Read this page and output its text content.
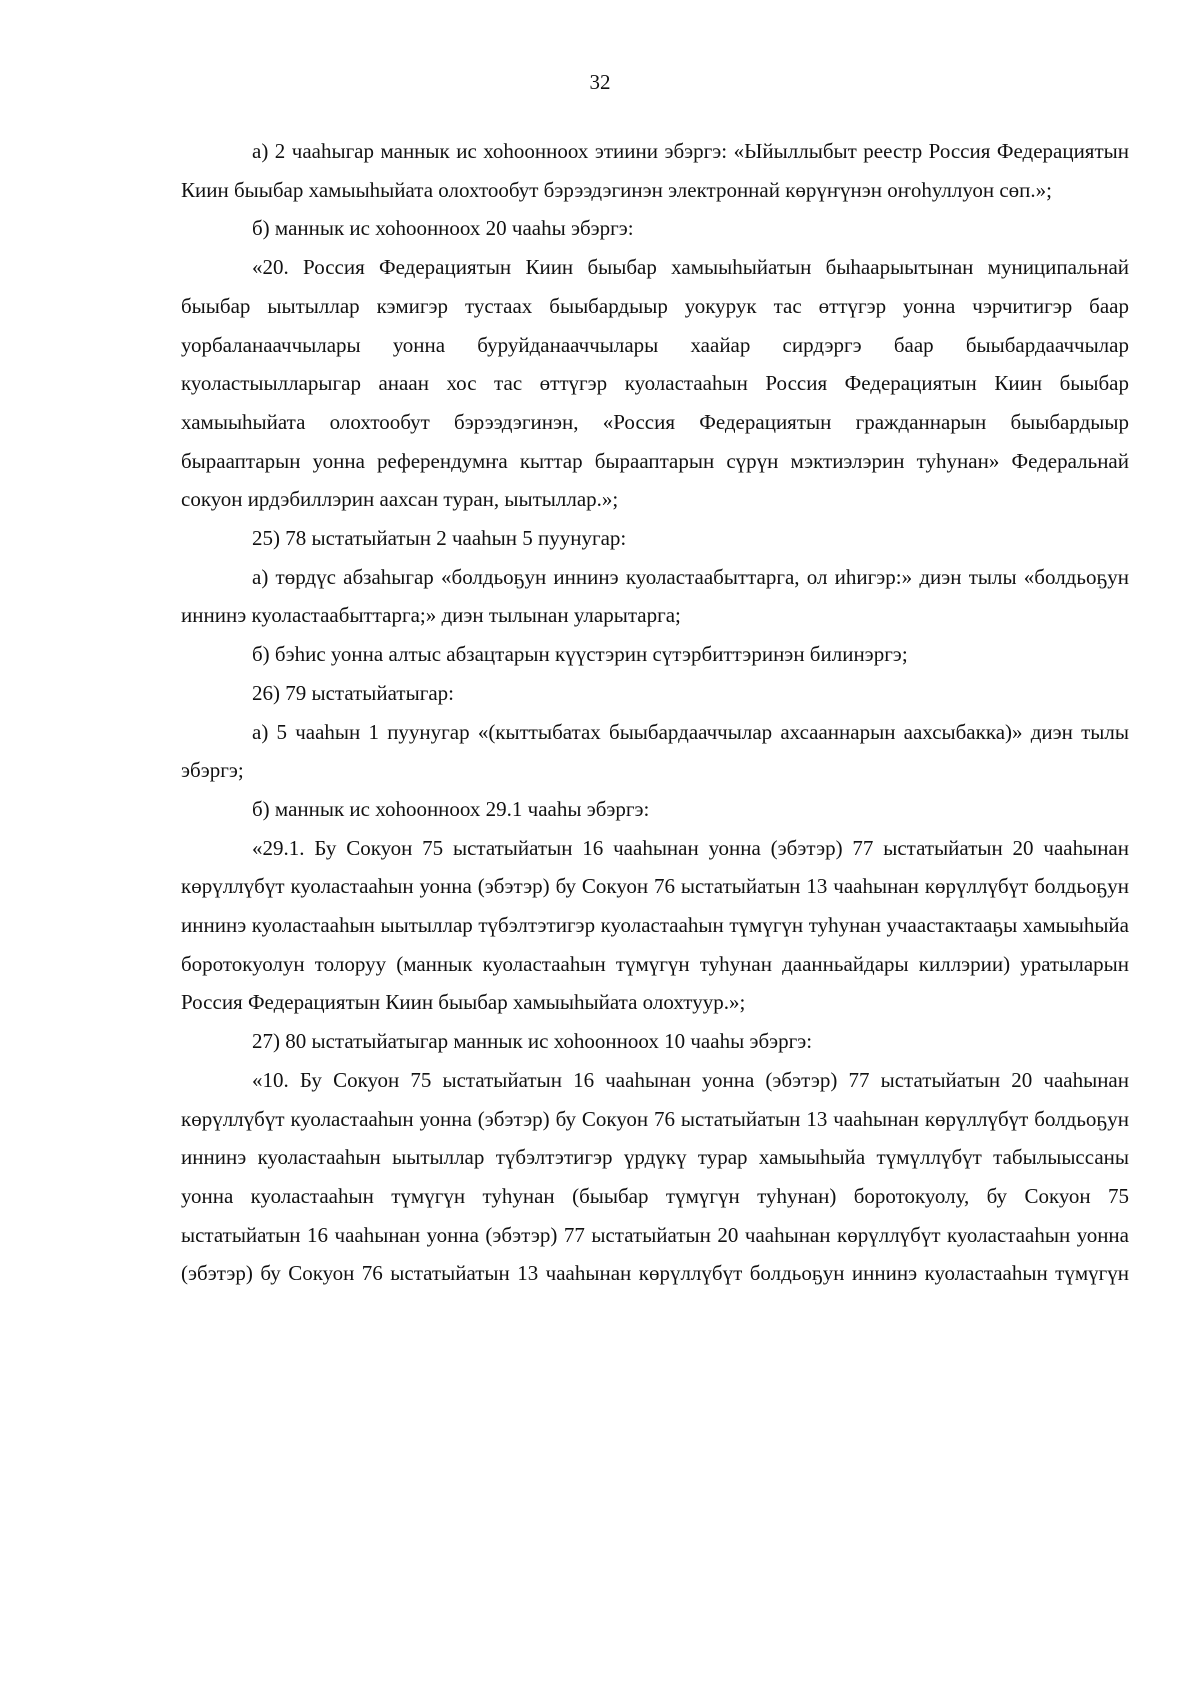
32

а) 2 чааһыгар маннык ис хоһоонноох этиини эбэргэ: «Ыйыллыбыт реестр Россия Федерациятын Киин быыбар хамыыһыйата олохтообут бэрээдэгинэн электроннай көрүҥүнэн оҥоһуллуон сөп.»;

б) маннык ис хоһоонноох 20 чааһы эбэргэ:

«20. Россия Федерациятын Киин быыбар хамыыһыйатын быһаарыытынан муниципальнай быыбар ыытыллар кэмигэр тустаах быыбардыыр уокурук тас өттүгэр уонна чэрчитигэр баар уорбаланааччылары уонна буруйданааччылары хаайар сирдэргэ баар быыбардааччылар куоластыылларыгар анаан хос тас өттүгэр куоластааһын Россия Федерациятын Киин быыбар хамыыһыйата олохтообут бэрээдэгинэн, «Россия Федерациятын гражданнарын быыбардыыр бырааптарын уонна референдумҥа кыттар бырааптарын сүрүн мэктиэлэрин туһунан» Федеральнай сокуон ирдэбиллэрин аахсан туран, ыытыллар.»;

25) 78 ыстатыйатын 2 чааһын 5 пуунугар:

а) төрдүс абзаһыгар «болдьоҕун иннинэ куоластаабыттарга, ол иһигэр:» диэн тылы «болдьоҕун иннинэ куоластаабыттарга;» диэн тылынан уларытарга;

б) бэһис уонна алтыс абзацтарын күүстэрин сүтэрбиттэринэн билинэргэ;

26) 79 ыстатыйатыгар:

а) 5 чааһын 1 пуунугар «(кыттыбатах быыбардааччылар ахсааннарын аахсыбакка)» диэн тылы эбэргэ;

б) маннык ис хоһоонноох 29.1 чааһы эбэргэ:

«29.1. Бу Сокуон 75 ыстатыйатын 16 чааһынан уонна (эбэтэр) 77 ыстатыйатын 20 чааһынан көрүллүбүт куоластааһын уонна (эбэтэр) бу Сокуон 76 ыстатыйатын 13 чааһынан көрүллүбүт болдьоҕун иннинэ куоластааһын ыытыллар түбэлтэтигэр куоластааһын түмүгүн туһунан учаастактааҕы хамыыһыйа боротокуолун толоруу (маннык куоластааһын түмүгүн туһунан даанньайдары киллэрии) уратыларын Россия Федерациятын Киин быыбар хамыыһыйата олохтуур.»;

27) 80 ыстатыйатыгар маннык ис хоһоонноох 10 чааһы эбэргэ:

«10. Бу Сокуон 75 ыстатыйатын 16 чааһынан уонна (эбэтэр) 77 ыстатыйатын 20 чааһынан көрүллүбүт куоластааһын уонна (эбэтэр) бу Сокуон 76 ыстатыйатын 13 чааһынан көрүллүбүт болдьоҕун иннинэ куоластааһын ыытыллар түбэлтэтигэр үрдүкү турар хамыыһыйа түмүллүбүт табылыыссаны уонна куоластааһын түмүгүн туһунан (быыбар түмүгүн туһунан) боротокуолу, бу Сокуон 75 ыстатыйатын 16 чааһынан уонна (эбэтэр) 77 ыстатыйатын 20 чааһынан көрүллүбүт куоластааһын уонна (эбэтэр) бу Сокуон 76 ыстатыйатын 13 чааһынан көрүллүбүт болдьоҕун иннинэ куоластааһын түмүгүн
